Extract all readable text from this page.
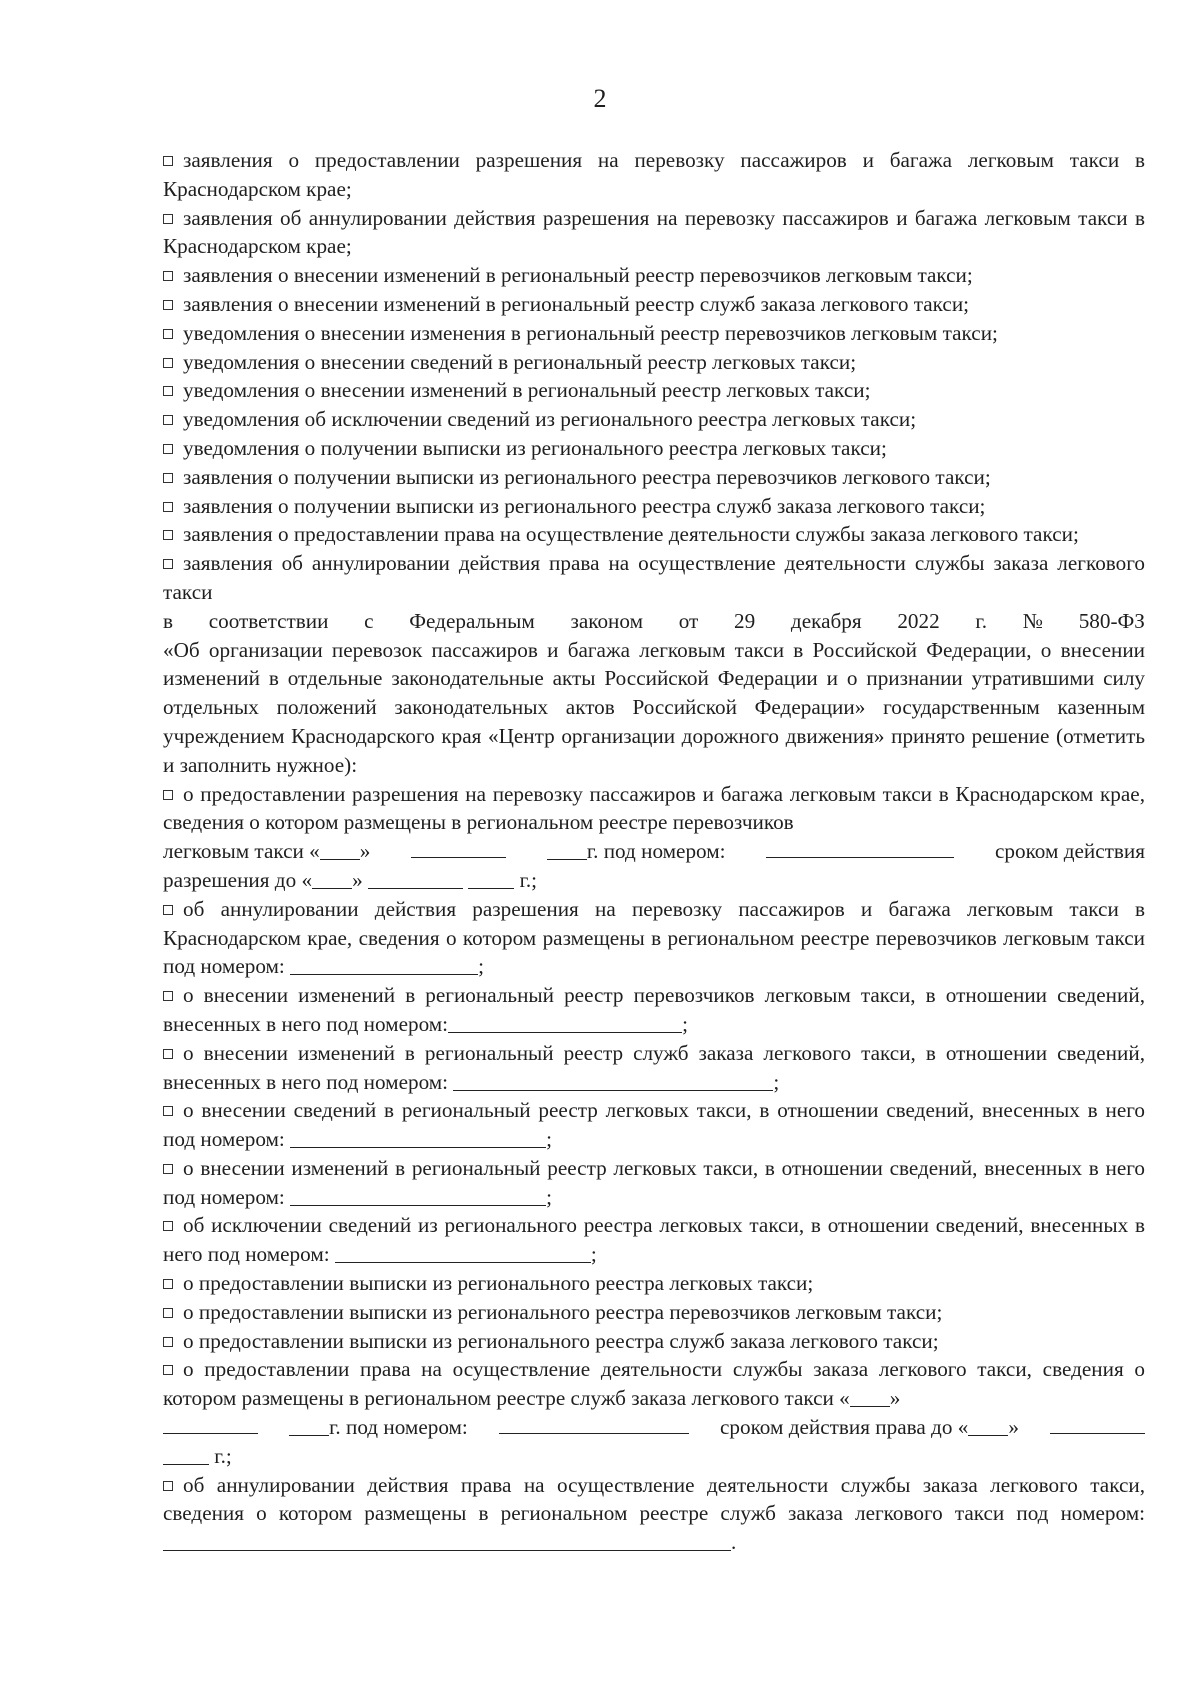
2

заявления о предоставлении разрешения на перевозку пассажиров и багажа легковым такси в Краснодарском крае;

заявления об аннулировании действия разрешения на перевозку пассажиров и багажа легковым такси в Краснодарском крае;

заявления о внесении изменений в региональный реестр перевозчиков легковым такси;

заявления о внесении изменений в региональный реестр служб заказа легкового такси;

уведомления о внесении изменения в региональный реестр перевозчиков легковым такси;

уведомления о внесении сведений в региональный реестр легковых такси;

уведомления о внесении изменений в региональный реестр легковых такси;

уведомления об исключении сведений из регионального реестра легковых такси;

уведомления о получении выписки из регионального реестра легковых такси;

заявления о получении выписки из регионального реестра перевозчиков легкового такси;

заявления о получении выписки из регионального реестра служб заказа легкового такси;

заявления о предоставлении права на осуществление деятельности службы заказа легкового такси;

заявления об аннулировании действия права на осуществление деятельности службы заказа легкового такси

в соответствии с Федеральным законом от 29 декабря 2022 г. № 580-ФЗ

«Об организации перевозок пассажиров и багажа легковым такси в Российской Федерации, о внесении изменений в отдельные законодательные акты Российской Федерации и о признании утратившими силу отдельных положений законодательных актов Российской Федерации» государственным казенным учреждением Краснодарского края «Центр организации дорожного движения» принято решение (отметить и заполнить нужное):

о предоставлении разрешения на перевозку пассажиров и багажа легковым такси в Краснодарском крае, сведения о котором размещены в региональном реестре перевозчиков

легковым такси « »	г. под номером:	сроком действия

разрешения до « »	г.;

об аннулировании действия разрешения на перевозку пассажиров и багажа легковым такси в Краснодарском крае, сведения о котором размещены в региональном реестре перевозчиков легковым такси под номером:	;

о внесении изменений в региональный реестр перевозчиков легковым такси, в отношении сведений, внесенных в него под номером:	;

о внесении изменений в региональный реестр служб заказа легкового такси, в отношении сведений, внесенных в него под номером:	;

о внесении сведений в региональный реестр легковых такси, в отношении сведений, внесенных в него под номером:	;

о внесении изменений в региональный реестр легковых такси, в отношении сведений, внесенных в него под номером:	;

об исключении сведений из регионального реестра легковых такси, в отношении сведений, внесенных в него под номером:	;

о предоставлении выписки из регионального реестра легковых такси;

о предоставлении выписки из регионального реестра перевозчиков легковым такси;

о предоставлении выписки из регионального реестра служб заказа легкового такси;

о предоставлении права на осуществление деятельности службы заказа легкового такси, сведения о котором размещены в региональном реестре служб заказа легкового такси « »

г. под номером:	сроком действия права до « »

г.;

об аннулировании действия права на осуществление деятельности службы заказа легкового такси, сведения о котором размещены в региональном реестре служб заказа легкового такси под номером: .
